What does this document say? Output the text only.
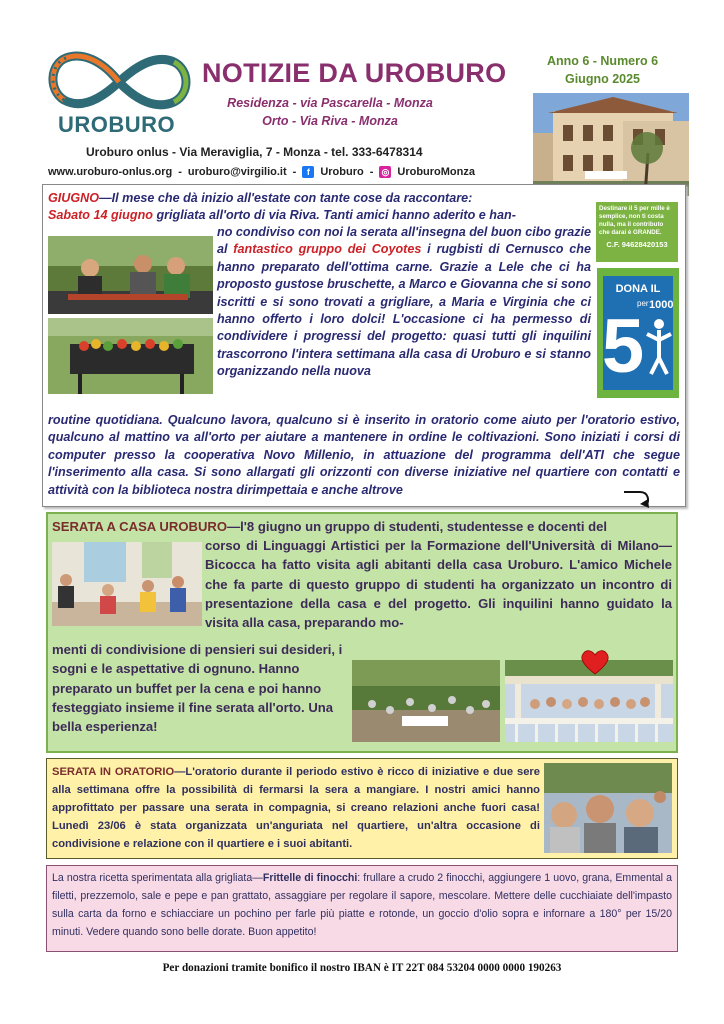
UROBURO
NOTIZIE DA UROBURO
Residenza - via Pascarella - Monza
Orto - Via Riva - Monza
Anno 6 - Numero 6
Giugno 2025
Uroburo onlus - Via Meraviglia, 7 - Monza - tel. 333-6478314
www.uroburo-onlus.org - uroburo@virgilio.it -	f Uroburo - ◎ UroburoMonza
GIUGNO—Il mese che dà inizio all'estate con tante cose da raccontare:
Sabato 14 giugno grigliata all'orto di via Riva. Tanti amici hanno aderito e han-
no condiviso con noi la serata all'insegna del buon cibo grazie al fantastico gruppo dei Coyotes i rugbisti di Cernusco che hanno preparato dell'ottima carne. Grazie a Lele che ci ha proposto gustose bruschette, a Marco e Giovanna che si sono iscritti e si sono trovati a grigliare, a Maria e Virginia che ci hanno offerto i loro dolci! L'occasione ci ha permesso di condividere i progressi del progetto: quasi tutti gli inquilini trascorrono l'intera settimana alla casa di Uroburo e si stanno organizzando nella nuova
Destinare il 5 per mille è semplice, non ti costa nulla, ma il contributo che darai è GRANDE.
C.F. 94628420153
DONA IL
5
per 1000
routine quotidiana. Qualcuno lavora, qualcuno si è inserito in oratorio come aiuto per l'oratorio estivo, qualcuno al mattino va all'orto per aiutare a mantenere in ordine le coltivazioni. Sono iniziati i corsi di computer presso la cooperativa Novo Millenio, in attuazione del programma dell'ATI che segue l'inserimento alla casa. Si sono allargati gli orizzonti con diverse iniziative nel quartiere con contatti e attività con la biblioteca nostra dirimpettaia e anche altrove
SERATA A CASA UROBURO—l'8 giugno un gruppo di studenti, studentesse e docenti del
corso di Linguaggi Artistici per la Formazione dell'Università di Milano—Bicocca ha fatto visita agli abitanti della casa Uroburo. L'amico Michele che fa parte di questo gruppo di studenti ha organizzato un incontro di presentazione della casa e del progetto. Gli inquilini hanno guidato la visita alla casa, preparando mo-
menti di condivisione di pensieri sui desideri, i sogni e le aspettative di ognuno. Hanno preparato un buffet per la cena e poi hanno festeggiato insieme il fine serata all'orto. Una bella esperienza!
SERATA IN ORATORIO—L'oratorio durante il periodo estivo è ricco di iniziative e due sere alla settimana offre la possibilità di fermarsi la sera a mangiare. I nostri amici hanno approfittato per passare una serata in compagnia, si creano relazioni anche fuori casa! Lunedì 23/06 è stata organizzata un'anguriata nel quartiere, un'altra occasione di condivisione e relazione con il quartiere e i suoi abitanti.
La nostra ricetta sperimentata alla grigliata—Frittelle di finocchi: frullare a crudo 2 finocchi, aggiungere 1 uovo, grana, Emmental a filetti, prezzemolo, sale e pepe e pan grattato, assaggiare per regolare il sapore, mescolare. Mettere delle cucchiaiate dell'impasto sulla carta da forno e schiacciare un pochino per farle più piatte e rotonde, un goccio d'olio sopra e infornare a 180° per 15/20 minuti. Vedere quando sono belle dorate. Buon appetito!
Per donazioni tramite bonifico il nostro IBAN è IT 22T 084 53204 0000 0000 190263
